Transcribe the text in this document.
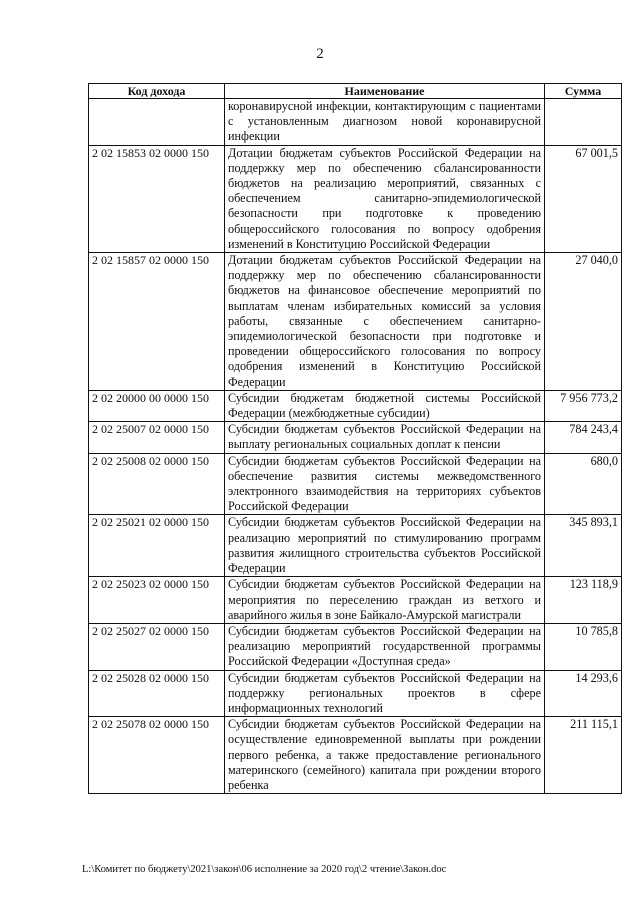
2
Код дохода	Наименование	Сумма
	коронавирусной инфекции, контактирующим с пациентами с установленным диагнозом новой коронавирусной инфекции	
2 02 15853 02 0000 150	Дотации бюджетам субъектов Российской Федерации на поддержку мер по обеспечению сбалансированности бюджетов на реализацию мероприятий, связанных с обеспечением санитарно-эпидемиологической безопасности при подготовке к проведению общероссийского голосования по вопросу одобрения изменений в Конституцию Российской Федерации	67 001,5
2 02 15857 02 0000 150	Дотации бюджетам субъектов Российской Федерации на поддержку мер по обеспечению сбалансированности бюджетов на финансовое обеспечение мероприятий по выплатам членам избирательных комиссий за условия работы, связанные с обеспечением санитарно-эпидемиологической безопасности при подготовке и проведении общероссийского голосования по вопросу одобрения изменений в Конституцию Российской Федерации	27 040,0
2 02 20000 00 0000 150	Субсидии бюджетам бюджетной системы Российской Федерации (межбюджетные субсидии)	7 956 773,2
2 02 25007 02 0000 150	Субсидии бюджетам субъектов Российской Федерации на выплату региональных социальных доплат к пенсии	784 243,4
2 02 25008 02 0000 150	Субсидии бюджетам субъектов Российской Федерации на обеспечение развития системы межведомственного электронного взаимодействия на территориях субъектов Российской Федерации	680,0
2 02 25021 02 0000 150	Субсидии бюджетам субъектов Российской Федерации на реализацию мероприятий по стимулированию программ развития жилищного строительства субъектов Российской Федерации	345 893,1
2 02 25023 02 0000 150	Субсидии бюджетам субъектов Российской Федерации на мероприятия по переселению граждан из ветхого и аварийного жилья в зоне Байкало-Амурской магистрали	123 118,9
2 02 25027 02 0000 150	Субсидии бюджетам субъектов Российской Федерации на реализацию мероприятий государственной программы Российской Федерации «Доступная среда»	10 785,8
2 02 25028 02 0000 150	Субсидии бюджетам субъектов Российской Федерации на поддержку региональных проектов в сфере информационных технологий	14 293,6
2 02 25078 02 0000 150	Субсидии бюджетам субъектов Российской Федерации на осуществление единовременной выплаты при рождении первого ребенка, а также предоставление регионального материнского (семейного) капитала при рождении второго ребенка	211 115,1
L:\Комитет по бюджету\2021\закон\06 исполнение за 2020 год\2 чтение\Закон.doc
